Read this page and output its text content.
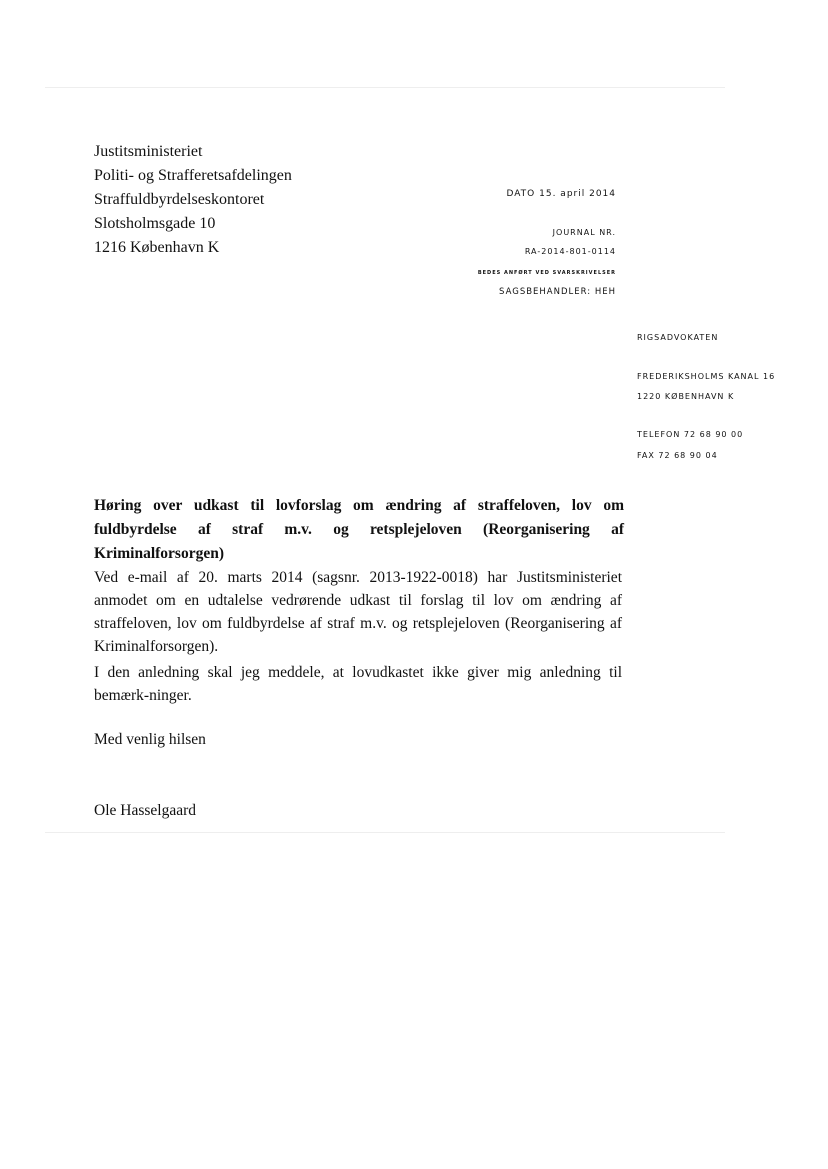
Justitsministeriet
Politi- og Strafferetsafdelingen
Straffuldbyrdelseskontoret
Slotsholmsgade 10
1216 København K
DATO 15. april 2014
JOURNAL NR.
RA-2014-801-0114
BEDES ANFØRT VED SVARSKRIVELSER
SAGSBEHANDLER: HEH
RIGSADVOKATEN
FREDERIKSHOLMS KANAL 16
1220 KØBENHAVN K
TELEFON 72 68 90 00
FAX 72 68 90 04
Høring over udkast til lovforslag om ændring af straffeloven, lov om fuldbyrdelse af straf m.v. og retsplejeloven (Reorganisering af Kriminalforsorgen)
Ved e-mail af 20. marts 2014 (sagsnr. 2013-1922-0018) har Justitsministeriet anmodet om en udtalelse vedrørende udkast til forslag til lov om ændring af straffeloven, lov om fuldbyrdelse af straf m.v. og retsplejeloven (Reorganisering af Kriminalforsorgen).
I den anledning skal jeg meddele, at lovudkastet ikke giver mig anledning til bemærk-ninger.
Med venlig hilsen
Ole Hasselgaard
